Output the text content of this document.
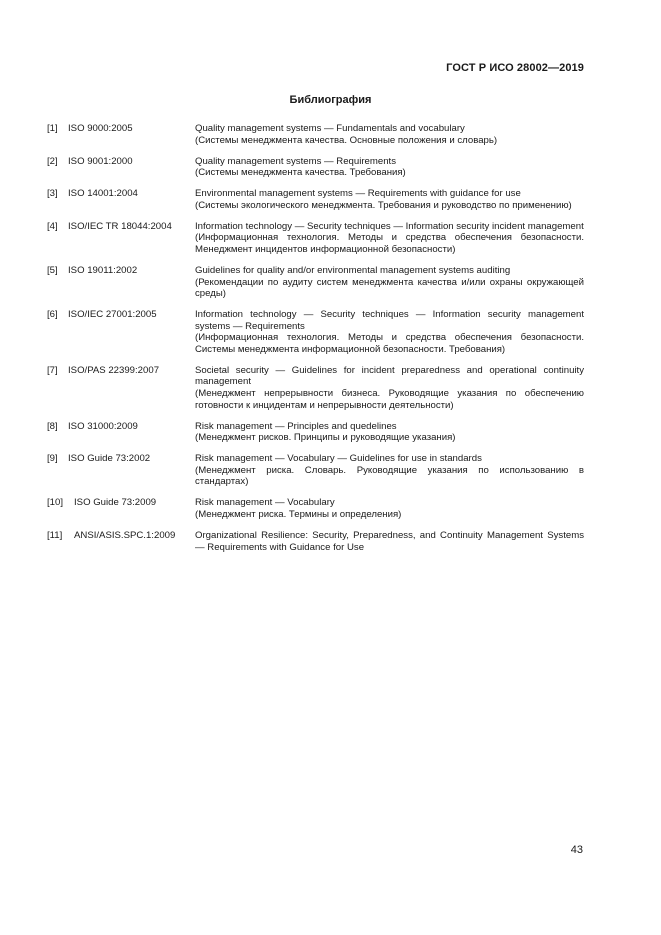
ГОСТ Р ИСО 28002—2019
Библиография
[1]	ISO 9000:2005	Quality management systems — Fundamentals and vocabulary
(Системы менеджмента качества. Основные положения и словарь)
[2]	ISO 9001:2000	Quality management systems — Requirements
(Системы менеджмента качества. Требования)
[3]	ISO 14001:2004	Environmental management systems — Requirements with guidance for use
(Системы экологического менеджмента. Требования и руководство по применению)
[4]	ISO/IEC TR 18044:2004	Information technology — Security techniques — Information security incident management
(Информационная технология. Методы и средства обеспечения безопасности. Менеджмент инцидентов информационной безопасности)
[5]	ISO 19011:2002	Guidelines for quality and/or environmental management systems auditing
(Рекомендации по аудиту систем менеджмента качества и/или охраны окружающей среды)
[6]	ISO/IEC 27001:2005	Information technology — Security techniques — Information security management systems — Requirements
(Информационная технология. Методы и средства обеспечения безопасности. Системы менеджмента информационной безопасности. Требования)
[7]	ISO/PAS 22399:2007	Societal security — Guidelines for incident preparedness and operational continuity management
(Менеджмент непрерывности бизнеса. Руководящие указания по обеспечению готовности к инцидентам и непрерывности деятельности)
[8]	ISO 31000:2009	Risk management — Principles and quedelines
(Менеджмент рисков. Принципы и руководящие указания)
[9]	ISO Guide 73:2002	Risk management — Vocabulary — Guidelines for use in standards
(Менеджмент риска. Словарь. Руководящие указания по использованию в стандартах)
[10]	ISO Guide 73:2009	Risk management — Vocabulary
(Менеджмент риска. Термины и определения)
[11]	ANSI/ASIS.SPC.1:2009	Organizational Resilience: Security, Preparedness, and Continuity Management Systems — Requirements with Guidance for Use
43
